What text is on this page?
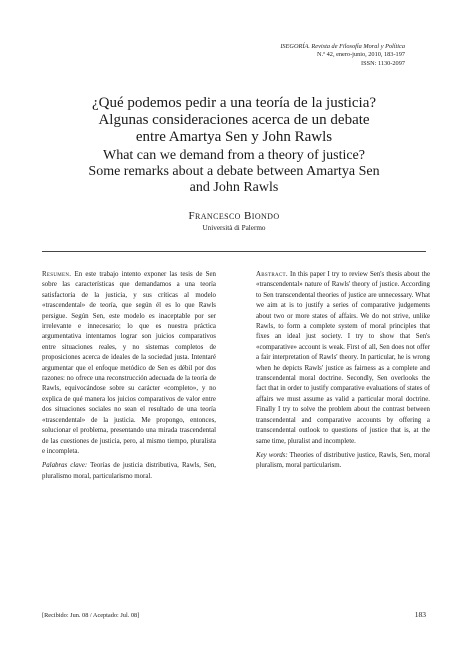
ISEGORÍA. Revista de Filosofía Moral y Política
N.º 42, enero-junio, 2010, 183-197
ISSN: 1130-2097
¿Qué podemos pedir a una teoría de la justicia?
Algunas consideraciones acerca de un debate
entre Amartya Sen y John Rawls
What can we demand from a theory of justice?
Some remarks about a debate between Amartya Sen
and John Rawls
Francesco Biondo
Università di Palermo

Resumen. En este trabajo intento exponer las tesis de Sen sobre las características que demandamos a una teoría satisfactoria de la justicia, y sus críticas al modelo «trascendental» de teoría, que según él es lo que Rawls persigue. Según Sen, este modelo es inaceptable por ser irrelevante e innecesario; lo que es nuestra práctica argumentativa intentamos lograr son juicios comparativos entre situaciones reales, y no sistemas completos de proposiciones acerca de ideales de la sociedad justa. Intentaré argumentar que el enfoque metódico de Sen es débil por dos razones: no ofrece una reconstrucción adecuada de la teoría de Rawls, equivocándose sobre su carácter «completo», y no explica de qué manera los juicios comparativos de valor entre dos situaciones sociales no sean el resultado de una teoría «trascendental» de la justicia. Me propongo, entonces, solucionar el problema, presentando una mirada trascendental de las cuestiones de justicia, pero, al mismo tiempo, pluralista e incompleta.

Palabras clave: Teorías de justicia distributiva, Rawls, Sen, pluralismo moral, particularismo moral.

Abstract. In this paper I try to review Sen's thesis about the «transcendental» nature of Rawls' theory of justice. According to Sen transcendental theories of justice are unnecessary. What we aim at is to justify a series of comparative judgements about two or more states of affairs. We do not strive, unlike Rawls, to form a complete system of moral principles that fixes an ideal just society. I try to show that Sen's «comparative» account is weak. First of all, Sen does not offer a fair interpretation of Rawls' theory. In particular, he is wrong when he depicts Rawls' justice as fairness as a complete and transcendental moral doctrine. Secondly, Sen overlooks the fact that in order to justify comparative evaluations of states of affairs we must assume as valid a particular moral doctrine. Finally I try to solve the problem about the contrast between transcendental and comparative accounts by offering a transcendental outlook to questions of justice that is, at the same time, pluralist and incomplete.

Key words: Theories of distributive justice, Rawls, Sen, moral pluralism, moral particularism.

[Recibido: Jun. 08 / Aceptado: Jul. 08]	183
